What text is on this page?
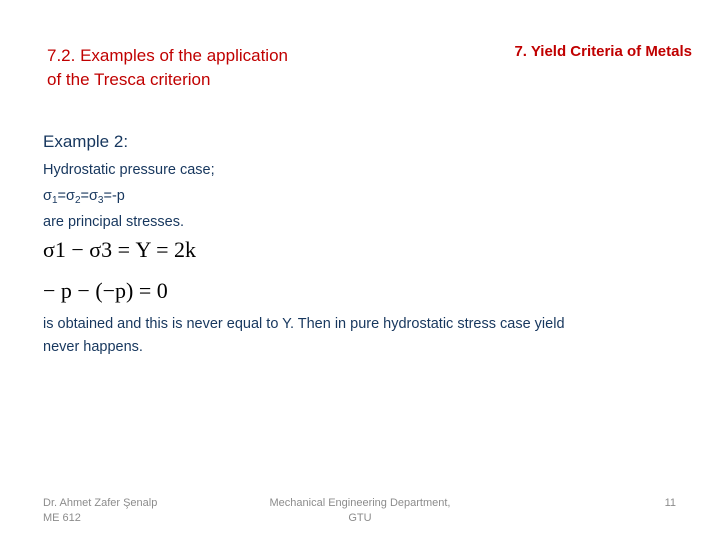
7.2. Examples of the application
of the Tresca criterion
7. Yield Criteria of Metals
Example 2:
Hydrostatic pressure case;
$\sigma_1=\sigma_2=\sigma_3=-p$
are principal stresses.
σ1 − σ3 = Y = 2k
− p − (−p) = 0
is obtained and this is never equal to Y. Then in pure hydrostatic stress case yield
never happens.
Dr. Ahmet Zafer Şenalp
ME 612
Mechanical Engineering Department,
GTU
11
